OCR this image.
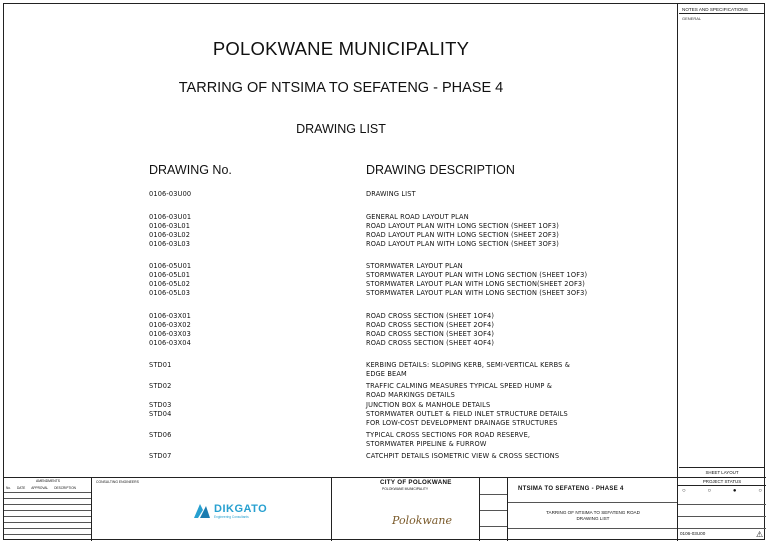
POLOKWANE MUNICIPALITY
TARRING OF NTSIMA TO SEFATENG - PHASE 4
DRAWING LIST
DRAWING No.	DRAWING DESCRIPTION
0106-03U00	DRAWING LIST
0106-03U01	GENERAL ROAD LAYOUT PLAN
0106-03L01	ROAD LAYOUT PLAN WITH LONG SECTION (SHEET 1OF3)
0106-03L02	ROAD LAYOUT PLAN WITH LONG SECTION (SHEET 2OF3)
0106-03L03	ROAD LAYOUT PLAN WITH LONG SECTION (SHEET 3OF3)
0106-05U01	STORMWATER LAYOUT PLAN
0106-05L01	STORMWATER LAYOUT PLAN WITH LONG SECTION (SHEET 1OF3)
0106-05L02	STORMWATER LAYOUT PLAN WITH LONG SECTION(SHEET 2OF3)
0106-05L03	STORMWATER LAYOUT PLAN WITH LONG SECTION (SHEET 3OF3)
0106-03X01	ROAD CROSS SECTION (SHEET 1OF4)
0106-03X02	ROAD CROSS SECTION (SHEET 2OF4)
0106-03X03	ROAD CROSS SECTION (SHEET 3OF4)
0106-03X04	ROAD CROSS SECTION (SHEET 4OF4)
STD01	KERBING DETAILS: SLOPING KERB, SEMI-VERTICAL KERBS &
EDGE BEAM
STD02	TRAFFIC CALMING MEASURES TYPICAL SPEED HUMP &
ROAD MARKINGS DETAILS
STD03	JUNCTION BOX & MANHOLE DETAILS
STD04	STORMWATER OUTLET & FIELD INLET STRUCTURE DETAILS
FOR LOW-COST DEVELOPMENT DRAINAGE STRUCTURES
STD06	TYPICAL CROSS SECTIONS FOR ROAD RESERVE,
STORMWATER PIPELINE & FURROW
STD07	CATCHPIT DETAILS ISOMETRIC VIEW & CROSS SECTIONS
NOTES AND SPECIFICATIONS
GENERAL
SHEET LAYOUT
AMENDMENTS
No. DATE APPROVAL DESCRIPTION
CONSULTING ENGINEERS
DIKGATO
Engineering Consultants
CITY OF POLOKWANE
POLOKWANE MUNICIPALITY
Polokwane
NTSIMA TO SEFATENG - PHASE 4
TARRING OF NTSIMA TO SEFATENG ROAD
DRAWING LIST
PROJECT STATUS
○	○	●	○
0106-03U00	⚠
